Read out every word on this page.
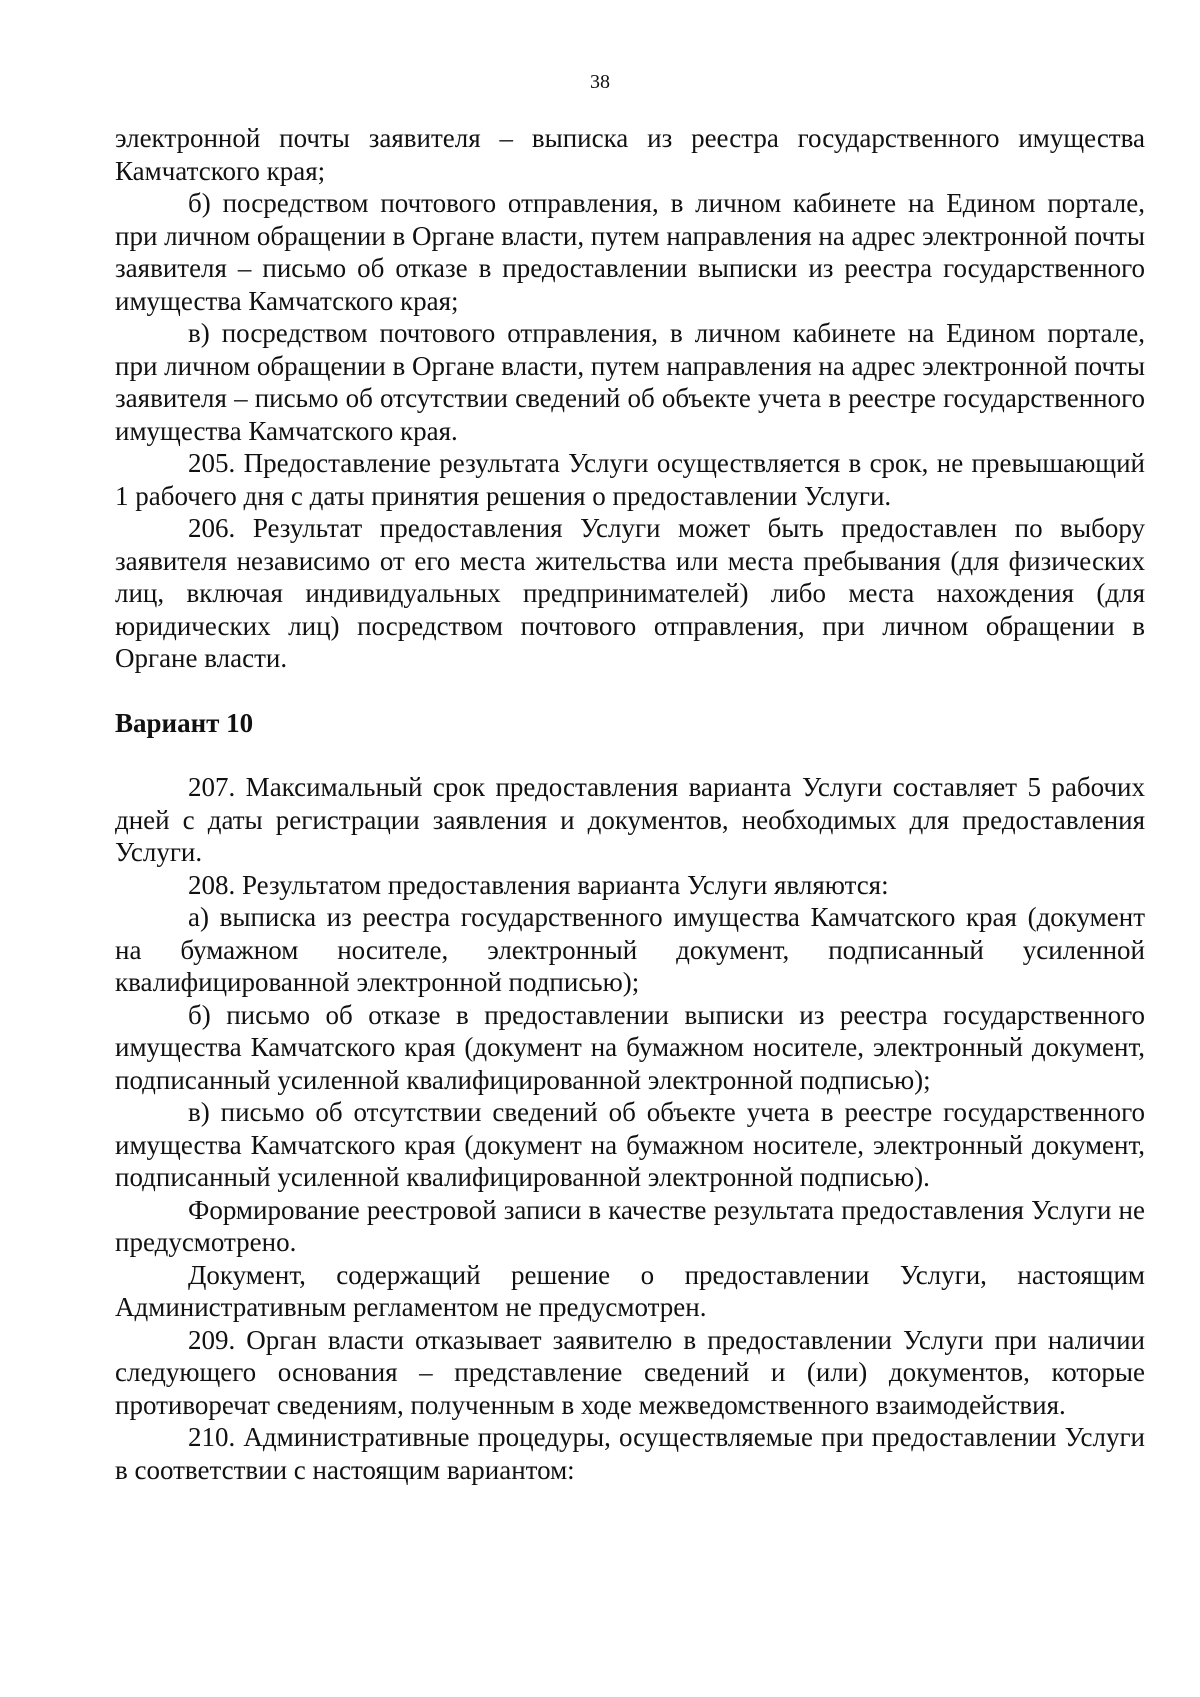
38

электронной почты заявителя – выписка из реестра государственного имущества Камчатского края;

б) посредством почтового отправления, в личном кабинете на Едином портале, при личном обращении в Органе власти, путем направления на адрес электронной почты заявителя – письмо об отказе в предоставлении выписки из реестра государственного имущества Камчатского края;

в) посредством почтового отправления, в личном кабинете на Едином портале, при личном обращении в Органе власти, путем направления на адрес электронной почты заявителя – письмо об отсутствии сведений об объекте учета в реестре государственного имущества Камчатского края.

205. Предоставление результата Услуги осуществляется в срок, не превышающий 1 рабочего дня с даты принятия решения о предоставлении Услуги.

206. Результат предоставления Услуги может быть предоставлен по выбору заявителя независимо от его места жительства или места пребывания (для физических лиц, включая индивидуальных предпринимателей) либо места нахождения (для юридических лиц) посредством почтового отправления, при личном обращении в Органе власти.

Вариант 10

207. Максимальный срок предоставления варианта Услуги составляет 5 рабочих дней с даты регистрации заявления и документов, необходимых для предоставления Услуги.

208. Результатом предоставления варианта Услуги являются:

а) выписка из реестра государственного имущества Камчатского края (документ на бумажном носителе, электронный документ, подписанный усиленной квалифицированной электронной подписью);

б) письмо об отказе в предоставлении выписки из реестра государственного имущества Камчатского края (документ на бумажном носителе, электронный документ, подписанный усиленной квалифицированной электронной подписью);

в) письмо об отсутствии сведений об объекте учета в реестре государственного имущества Камчатского края (документ на бумажном носителе, электронный документ, подписанный усиленной квалифицированной электронной подписью).

Формирование реестровой записи в качестве результата предоставления Услуги не предусмотрено.

Документ, содержащий решение о предоставлении Услуги, настоящим Административным регламентом не предусмотрен.

209. Орган власти отказывает заявителю в предоставлении Услуги при наличии следующего основания – представление сведений и (или) документов, которые противоречат сведениям, полученным в ходе межведомственного взаимодействия.

210. Административные процедуры, осуществляемые при предоставлении Услуги в соответствии с настоящим вариантом:
